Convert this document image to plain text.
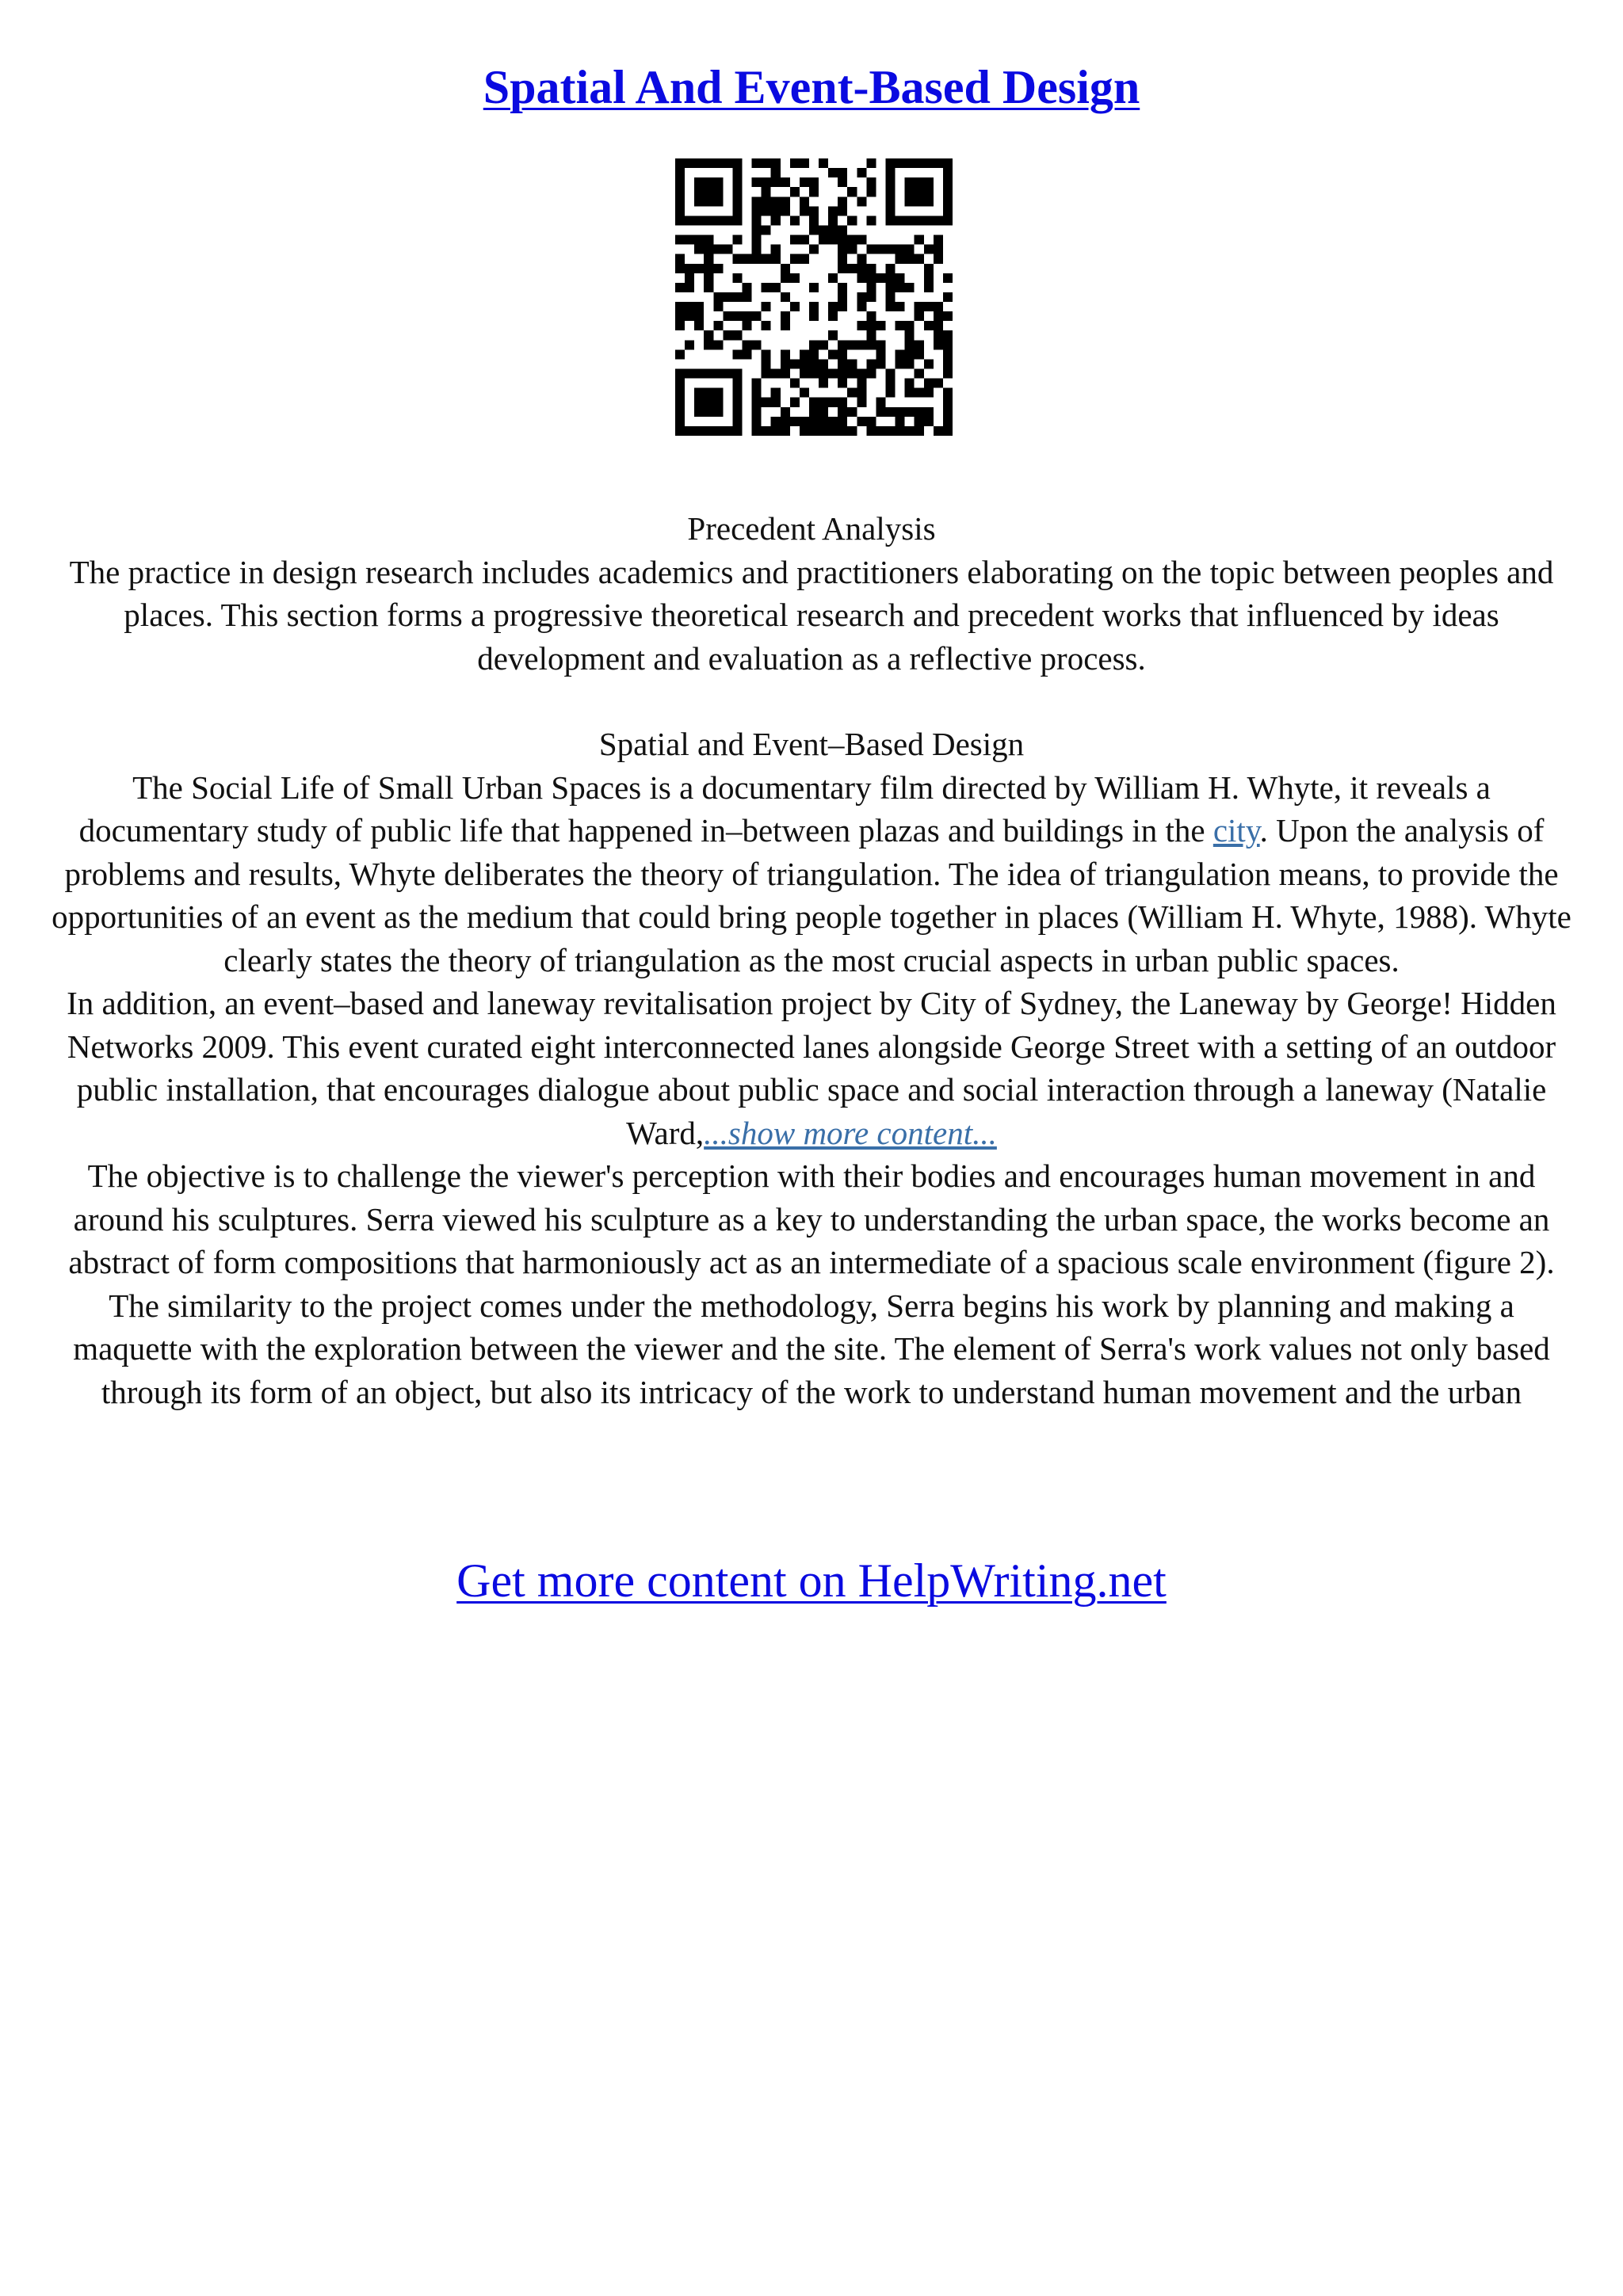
Spatial And Event-Based Design

Precedent Analysis

The practice in design research includes academics and practitioners elaborating on the topic between peoples and places. This section forms a progressive theoretical research and precedent works that influenced by ideas development and evaluation as a reflective process.

Spatial and Event–Based Design

The Social Life of Small Urban Spaces is a documentary film directed by William H. Whyte, it reveals a documentary study of public life that happened in–between plazas and buildings in the city. Upon the analysis of problems and results, Whyte deliberates the theory of triangulation. The idea of triangulation means, to provide the opportunities of an event as the medium that could bring people together in places (William H. Whyte, 1988). Whyte clearly states the theory of triangulation as the most crucial aspects in urban public spaces.

In addition, an event–based and laneway revitalisation project by City of Sydney, the Laneway by George! Hidden Networks 2009. This event curated eight interconnected lanes alongside George Street with a setting of an outdoor public installation, that encourages dialogue about public space and social interaction through a laneway (Natalie Ward,...show more content...

The objective is to challenge the viewer's perception with their bodies and encourages human movement in and around his sculptures. Serra viewed his sculpture as a key to understanding the urban space, the works become an abstract of form compositions that harmoniously act as an intermediate of a spacious scale environment (figure 2). The similarity to the project comes under the methodology, Serra begins his work by planning and making a maquette with the exploration between the viewer and the site. The element of Serra's work values not only based through its form of an object, but also its intricacy of the work to understand human movement and the urban

Get more content on HelpWriting.net
